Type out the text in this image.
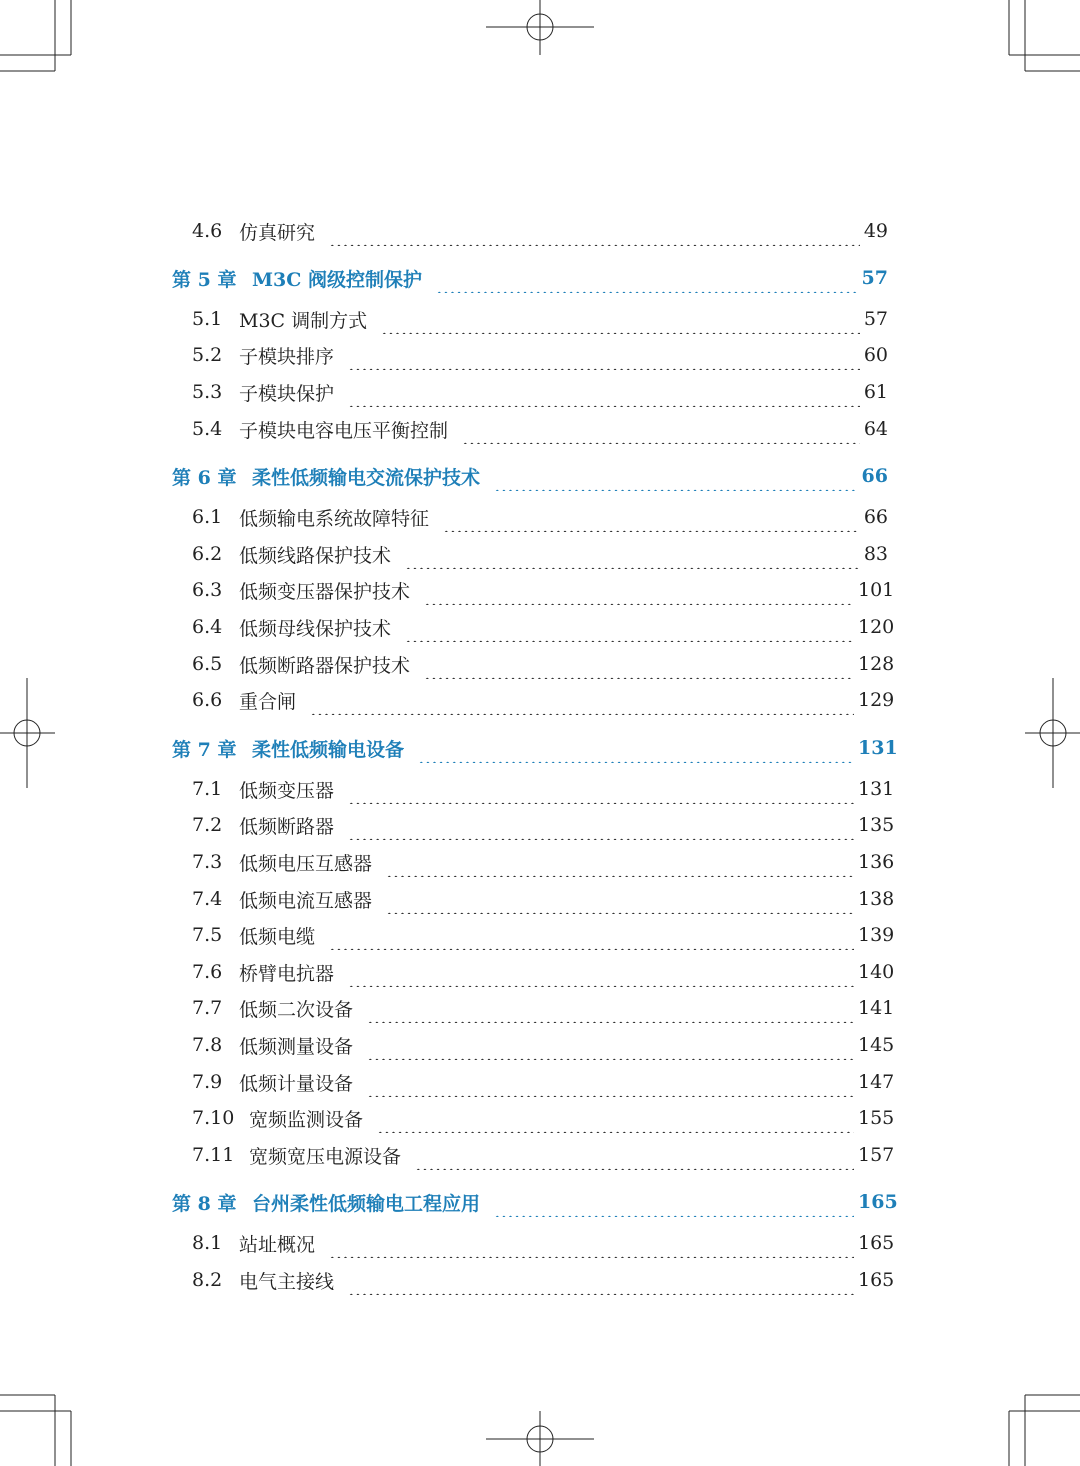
4.6 仿真研究	49
第 5 章 M3C 阀级控制保护	57
5.1 M3C 调制方式	57
5.2 子模块排序	60
5.3 子模块保护	61
5.4 子模块电容电压平衡控制	64
第 6 章 柔性低频输电交流保护技术	66
6.1 低频输电系统故障特征	66
6.2 低频线路保护技术	83
6.3 低频变压器保护技术	101
6.4 低频母线保护技术	120
6.5 低频断路器保护技术	128
6.6 重合闸	129
第 7 章 柔性低频输电设备	131
7.1 低频变压器	131
7.2 低频断路器	135
7.3 低频电压互感器	136
7.4 低频电流互感器	138
7.5 低频电缆	139
7.6 桥臂电抗器	140
7.7 低频二次设备	141
7.8 低频测量设备	145
7.9 低频计量设备	147
7.10 宽频监测设备	155
7.11 宽频宽压电源设备	157
第 8 章 台州柔性低频输电工程应用	165
8.1 站址概况	165
8.2 电气主接线	165
